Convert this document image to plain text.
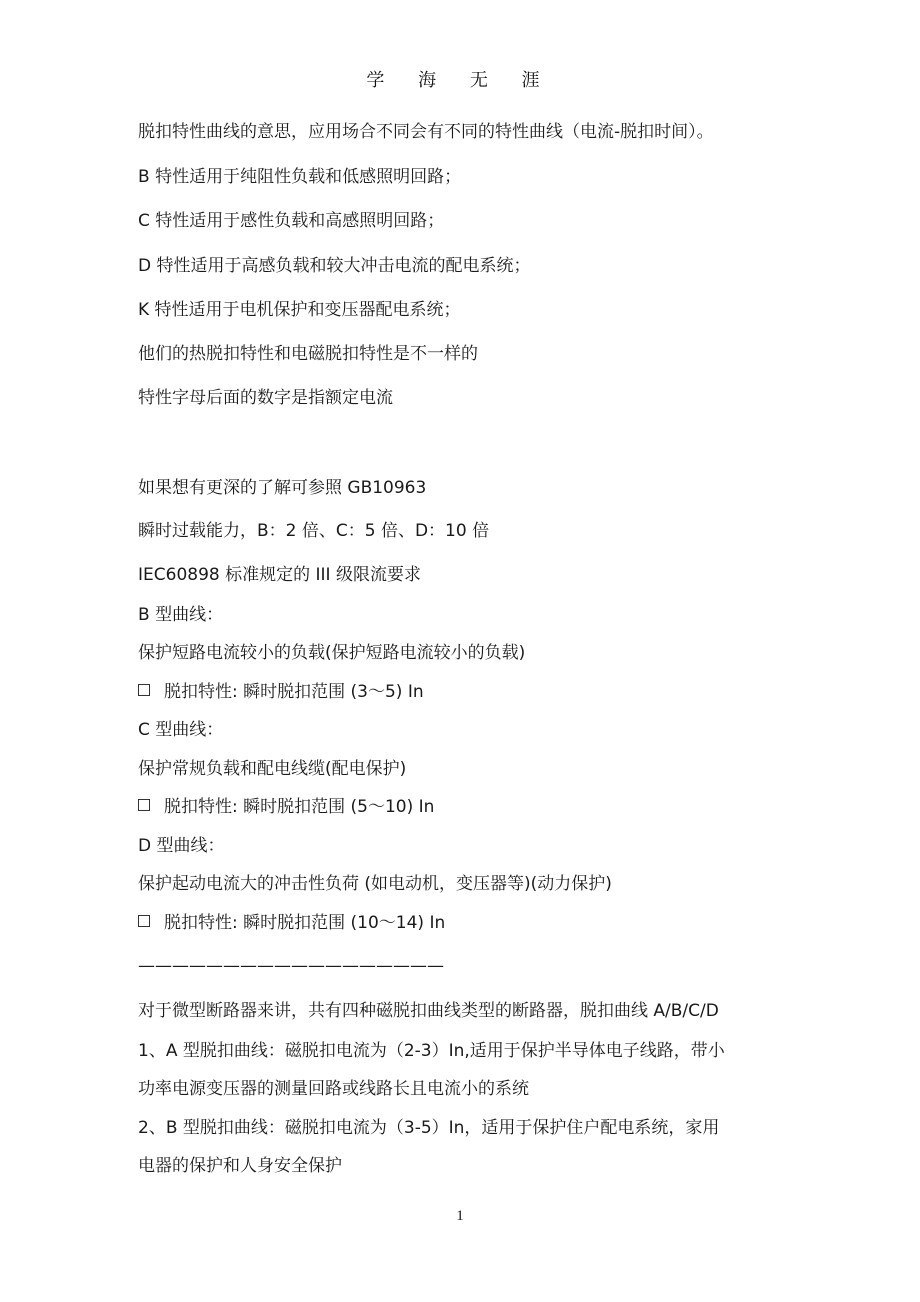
学 海 无 涯
脱扣特性曲线的意思，应用场合不同会有不同的特性曲线（电流-脱扣时间）。
B 特性适用于纯阻性负载和低感照明回路；
C 特性适用于感性负载和高感照明回路；
D 特性适用于高感负载和较大冲击电流的配电系统；
K 特性适用于电机保护和变压器配电系统；
他们的热脱扣特性和电磁脱扣特性是不一样的
特性字母后面的数字是指额定电流
如果想有更深的了解可参照 GB10963
瞬时过载能力，B：2 倍、C：5 倍、D：10 倍
IEC60898 标准规定的 III 级限流要求
B 型曲线：
保护短路电流较小的负载(保护短路电流较小的负载)
脱扣特性: 瞬时脱扣范围 (3～5) In
C 型曲线：
保护常规负载和配电线缆(配电保护)
脱扣特性: 瞬时脱扣范围 (5～10) In
D 型曲线：
保护起动电流大的冲击性负荷 (如电动机，变压器等)(动力保护)
脱扣特性: 瞬时脱扣范围 (10～14) In
——————————————————
对于微型断路器来讲，共有四种磁脱扣曲线类型的断路器，脱扣曲线 A/B/C/D
1、A 型脱扣曲线：磁脱扣电流为（2-3）In,适用于保护半导体电子线路，带小
功率电源变压器的测量回路或线路长且电流小的系统
2、B 型脱扣曲线：磁脱扣电流为（3-5）In，适用于保护住户配电系统，家用
电器的保护和人身安全保护
1
